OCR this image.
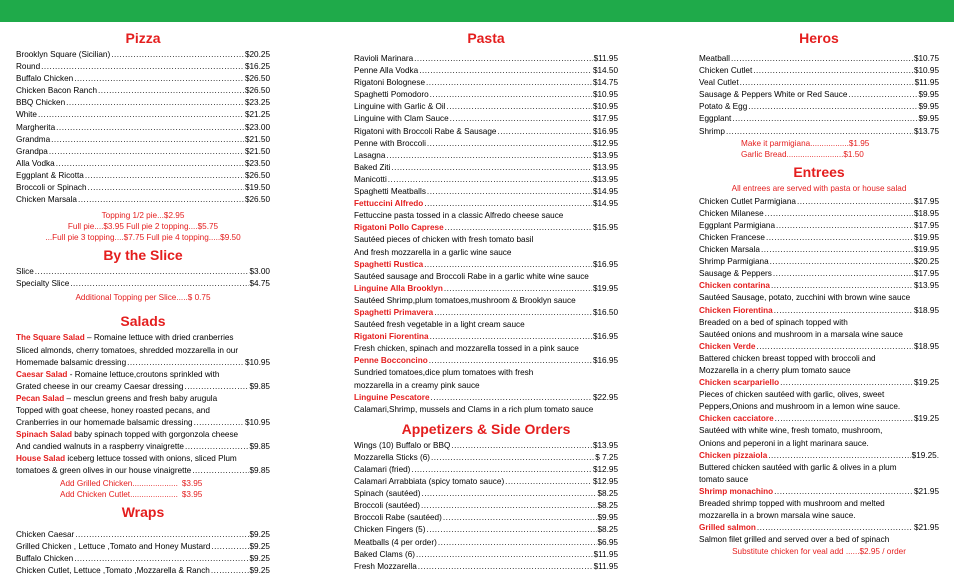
Pizza
Brooklyn Square (Sicilian) .....	$20.25
Round .....	$16.25
Buffalo Chicken .....	$26.50
Chicken Bacon Ranch .....	$26.50
BBQ Chicken .....	$23.25
White .....	$21.25
Margherita .....	$23.00
Grandma .....	$21.50
Grandpa .....	$21.50
Alla Vodka .....	$23.50
Eggplant & Ricotta .....	$26.50
Broccoli or Spinach .....	$19.50
Chicken Marsala .....	$26.50
Topping 1/2 pie...$2.95
Full pie....$3.95 Full pie 2 topping....$5.75
...Full pie 3 topping....$7.75 Full pie 4 topping.....$9.50
By the Slice
Slice .....	$3.00
Specialty Slice .....	$4.75
Additional Topping per Slice.....$ 0.75
Salads
The Square Salad – Romaine lettuce with dried cranberries
Sliced almonds, cherry tomatoes, shredded mozzarella in our
Homemade balsamic dressing .....	$10.95
Caesar Salad - Romaine lettuce,croutons sprinkled with
Grated cheese in our creamy Caesar dressing .....	$9.85
Pecan Salad – mesclun greens and fresh baby arugula
Topped with goat cheese, honey roasted pecans, and
Cranberries in our homemade balsamic dressing .....	$10.95
Spinach Salad baby spinach topped with gorgonzola cheese
And candied walnuts in a raspberry vinaigrette .....	$9.85
House Salad iceberg lettuce tossed with onions, sliced Plum
tomatoes & green olives in our house vinaigrette .....	$9.85
Add Grilled Chicken.................... $3.95
Add Chicken Cutlet..................... $3.95
Wraps
Chicken Caesar .....	$9.25
Grilled Chicken , Lettuce ,Tomato and Honey Mustard .....	$9.25
Buffalo Chicken .....	$9.25
Chicken Cutlet, Lettuce ,Tomato ,Mozzarella & Ranch .....	$9.25
Pasta
Ravioli Marinara .....	$11.95
Penne Alla Vodka .....	$14.50
Rigatoni Bolognese .....	$14.75
Spaghetti Pomodoro .....	$10.95
Linguine with Garlic & Oil .....	$10.95
Linguine with Clam Sauce .....	$17.95
Rigatoni with Broccoli Rabe & Sausage .....	$16.95
Penne with Broccoli .....	$12.95
Lasagna .....	$13.95
Baked Ziti .....	$13.95
Manicotti .....	$13.95
Spaghetti Meatballs .....	$14.95
Fettuccini Alfredo .....	$14.95
Fettuccine pasta tossed in a classic Alfredo cheese sauce
Rigatoni Pollo Caprese .....	$15.95
Sautéed pieces of chicken with fresh tomato basil
And fresh mozzarella in a garlic wine sauce
Spaghetti Rustica .....	$16.95
Sautéed sausage and Broccoli Rabe in a garlic white wine sauce
Linguine Alla Brooklyn .....	$19.95
Sautéed Shrimp,plum tomatoes,mushroom & Brooklyn sauce
Spaghetti Primavera .....	$16.50
Sautéed fresh vegetable in a light cream sauce
Rigatoni Fiorentina .....	$16.95
Fresh chicken, spinach and mozzarella tossed in a pink sauce
Penne Bocconcino .....	$16.95
Sundried tomatoes,dice plum tomatoes with fresh
mozzarella in a creamy pink sauce
Linguine Pescatore .....	$22.95
Calamari,Shrimp, mussels and Clams in a rich plum tomato sauce
Appetizers & Side Orders
Wings (10) Buffalo or BBQ .....	$13.95
Mozzarella Sticks (6) .....	$ 7.25
Calamari (fried) .....	$12.95
Calamari Arrabbiata (spicy tomato sauce) .....	$12.95
Spinach (sautéed) .....	$8.25
Broccoli (sautéed) .....	$8.25
Broccoli Rabe (sautéed) .....	$9.95
Chicken Fingers (5) .....	$8.25
Meatballs (4 per order) .....	$6.95
Baked Clams (6) .....	$11.95
Fresh Mozzarella .....	$11.95
Heros
Meatball .....	$10.75
Chicken Cutlet .....	$10.95
Veal Cutlet .....	$11.95
Sausage & Peppers White or Red Sauce .....	$9.95
Potato & Egg .....	$9.95
Eggplant .....	$9.95
Shrimp .....	$13.75
Make it parmigiana.................$1.95
Garlic Bread.........................$1.50
Entrees
All entrees are served with pasta or house salad
Chicken Cutlet Parmigiana .....	$17.95
Chicken Milanese .....	$18.95
Eggplant Parmigiana .....	$17.95
Chicken Francese .....	$19.95
Chicken Marsala .....	$19.95
Shrimp Parmigiana .....	$20.25
Sausage & Peppers .....	$17.95
Chicken contarina .....	$13.95
Sautéed Sausage, potato, zucchini with brown wine sauce
Chicken Fiorentina .....	$18.95
Breaded on a bed of spinach topped with
Sautéed onions and mushroom in a marsala wine sauce
Chicken Verde .....	$18.95
Battered chicken breast topped with broccoli and
Mozzarella in a cherry plum tomato sauce
Chicken scarpariello .....	$19.25
Pieces of chicken sautéed with garlic, olives, sweet
Peppers,Onions and mushroom in a lemon wine sauce.
Chicken cacciatore .....	$19.25
Sautéed with white wine, fresh tomato, mushroom,
Onions and peperoni in a light marinara sauce.
Chicken pizzaiola .....	$19.25.
Buttered chicken sautéed with garlic & olives in a plum
tomato sauce
Shrimp monachino .....	$21.95
Breaded shrimp topped with mushroom and melted
mozzarella in a brown marsala wine sauce.
Grilled salmon .....	$21.95
Salmon filet grilled and served over a bed of spinach
Substitute chicken for veal add ......$2.95 / order
